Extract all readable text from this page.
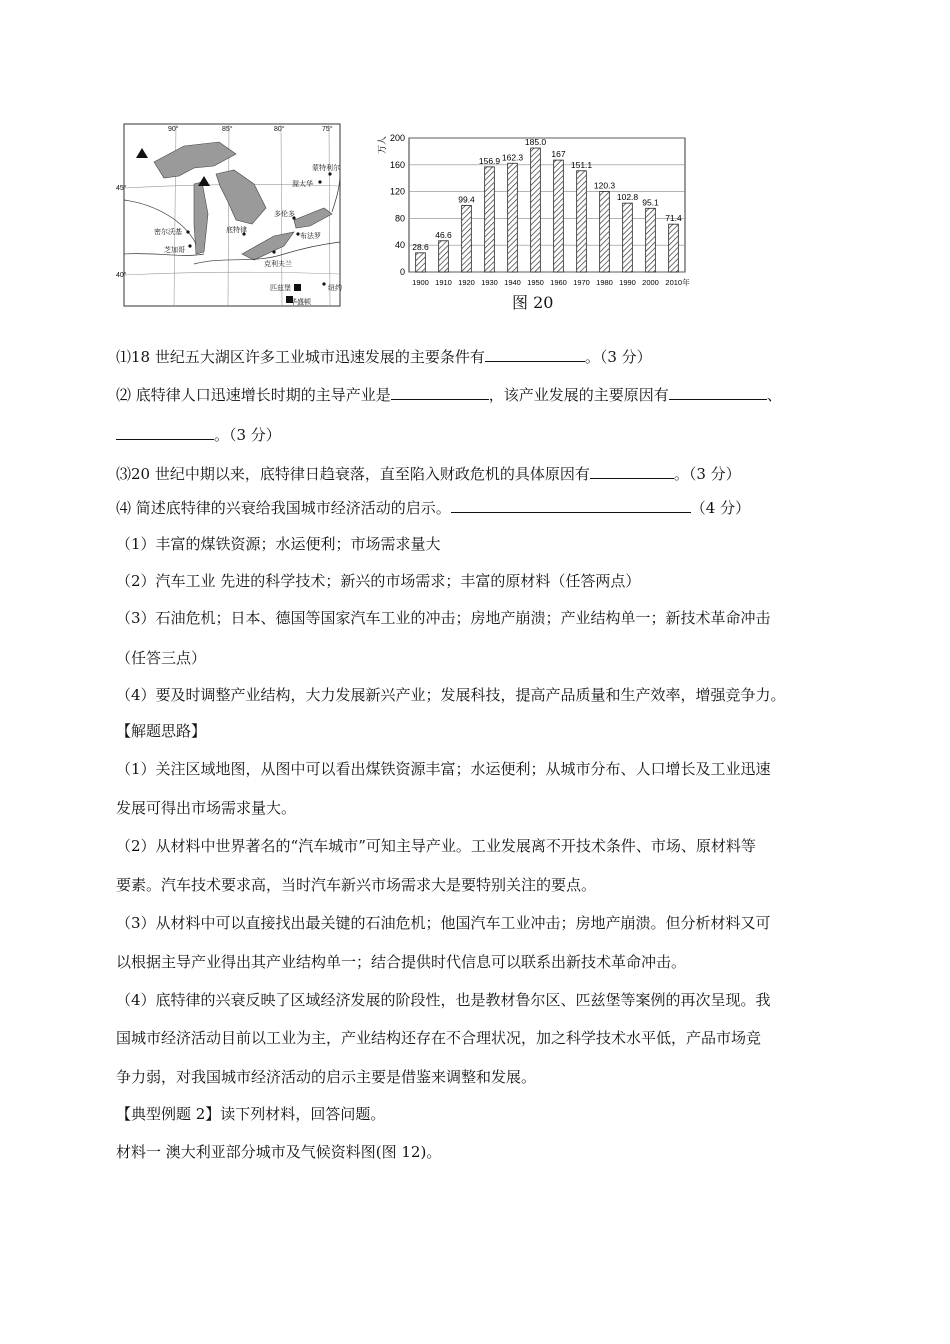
90°	85°	80°	75°
45°
40°
密尔沃基
芝加哥
底特律
克利夫兰
布法罗
多伦多
蒙特利尔
渥太华
匹兹堡
华盛顿
纽约
0
40
80
120
160
200
28.6
1900
46.6
1910
99.4
1920
156.9
1930
162.3
1940
185.0
1950
167
1960
151.1
1970
120.3
1980
102.8
1990
95.1
2000
71.4
2010年
万人
图 20
⑴18 世纪五大湖区许多工业城市迅速发展的主要条件有	。（3 分）
⑵ 底特律人口迅速增长时期的主导产业是	，该产业发展的主要原因有	、
。（3 分）
⑶20 世纪中期以来，底特律日趋衰落，直至陷入财政危机的具体原因有	。（3 分）
⑷ 简述底特律的兴衰给我国城市经济活动的启示。	（4 分）
（1）丰富的煤铁资源；水运便利；市场需求量大
（2）汽车工业 先进的科学技术；新兴的市场需求；丰富的原材料（任答两点）
（3）石油危机；日本、德国等国家汽车工业的冲击；房地产崩溃；产业结构单一；新技术革命冲击
（任答三点）
（4）要及时调整产业结构，大力发展新兴产业；发展科技，提高产品质量和生产效率，增强竞争力。
【解题思路】
（1）关注区域地图，从图中可以看出煤铁资源丰富；水运便利；从城市分布、人口增长及工业迅速
发展可得出市场需求量大。
（2）从材料中世界著名的“汽车城市”可知主导产业。工业发展离不开技术条件、市场、原材料等
要素。汽车技术要求高，当时汽车新兴市场需求大是要特别关注的要点。
（3）从材料中可以直接找出最关键的石油危机；他国汽车工业冲击；房地产崩溃。但分析材料又可
以根据主导产业得出其产业结构单一；结合提供时代信息可以联系出新技术革命冲击。
（4）底特律的兴衰反映了区域经济发展的阶段性，也是教材鲁尔区、匹兹堡等案例的再次呈现。我
国城市经济活动目前以工业为主，产业结构还存在不合理状况，加之科学技术水平低，产品市场竞
争力弱，对我国城市经济活动的启示主要是借鉴来调整和发展。
【典型例题 2】读下列材料，回答问题。
材料一 澳大利亚部分城市及气候资料图(图 12)。
